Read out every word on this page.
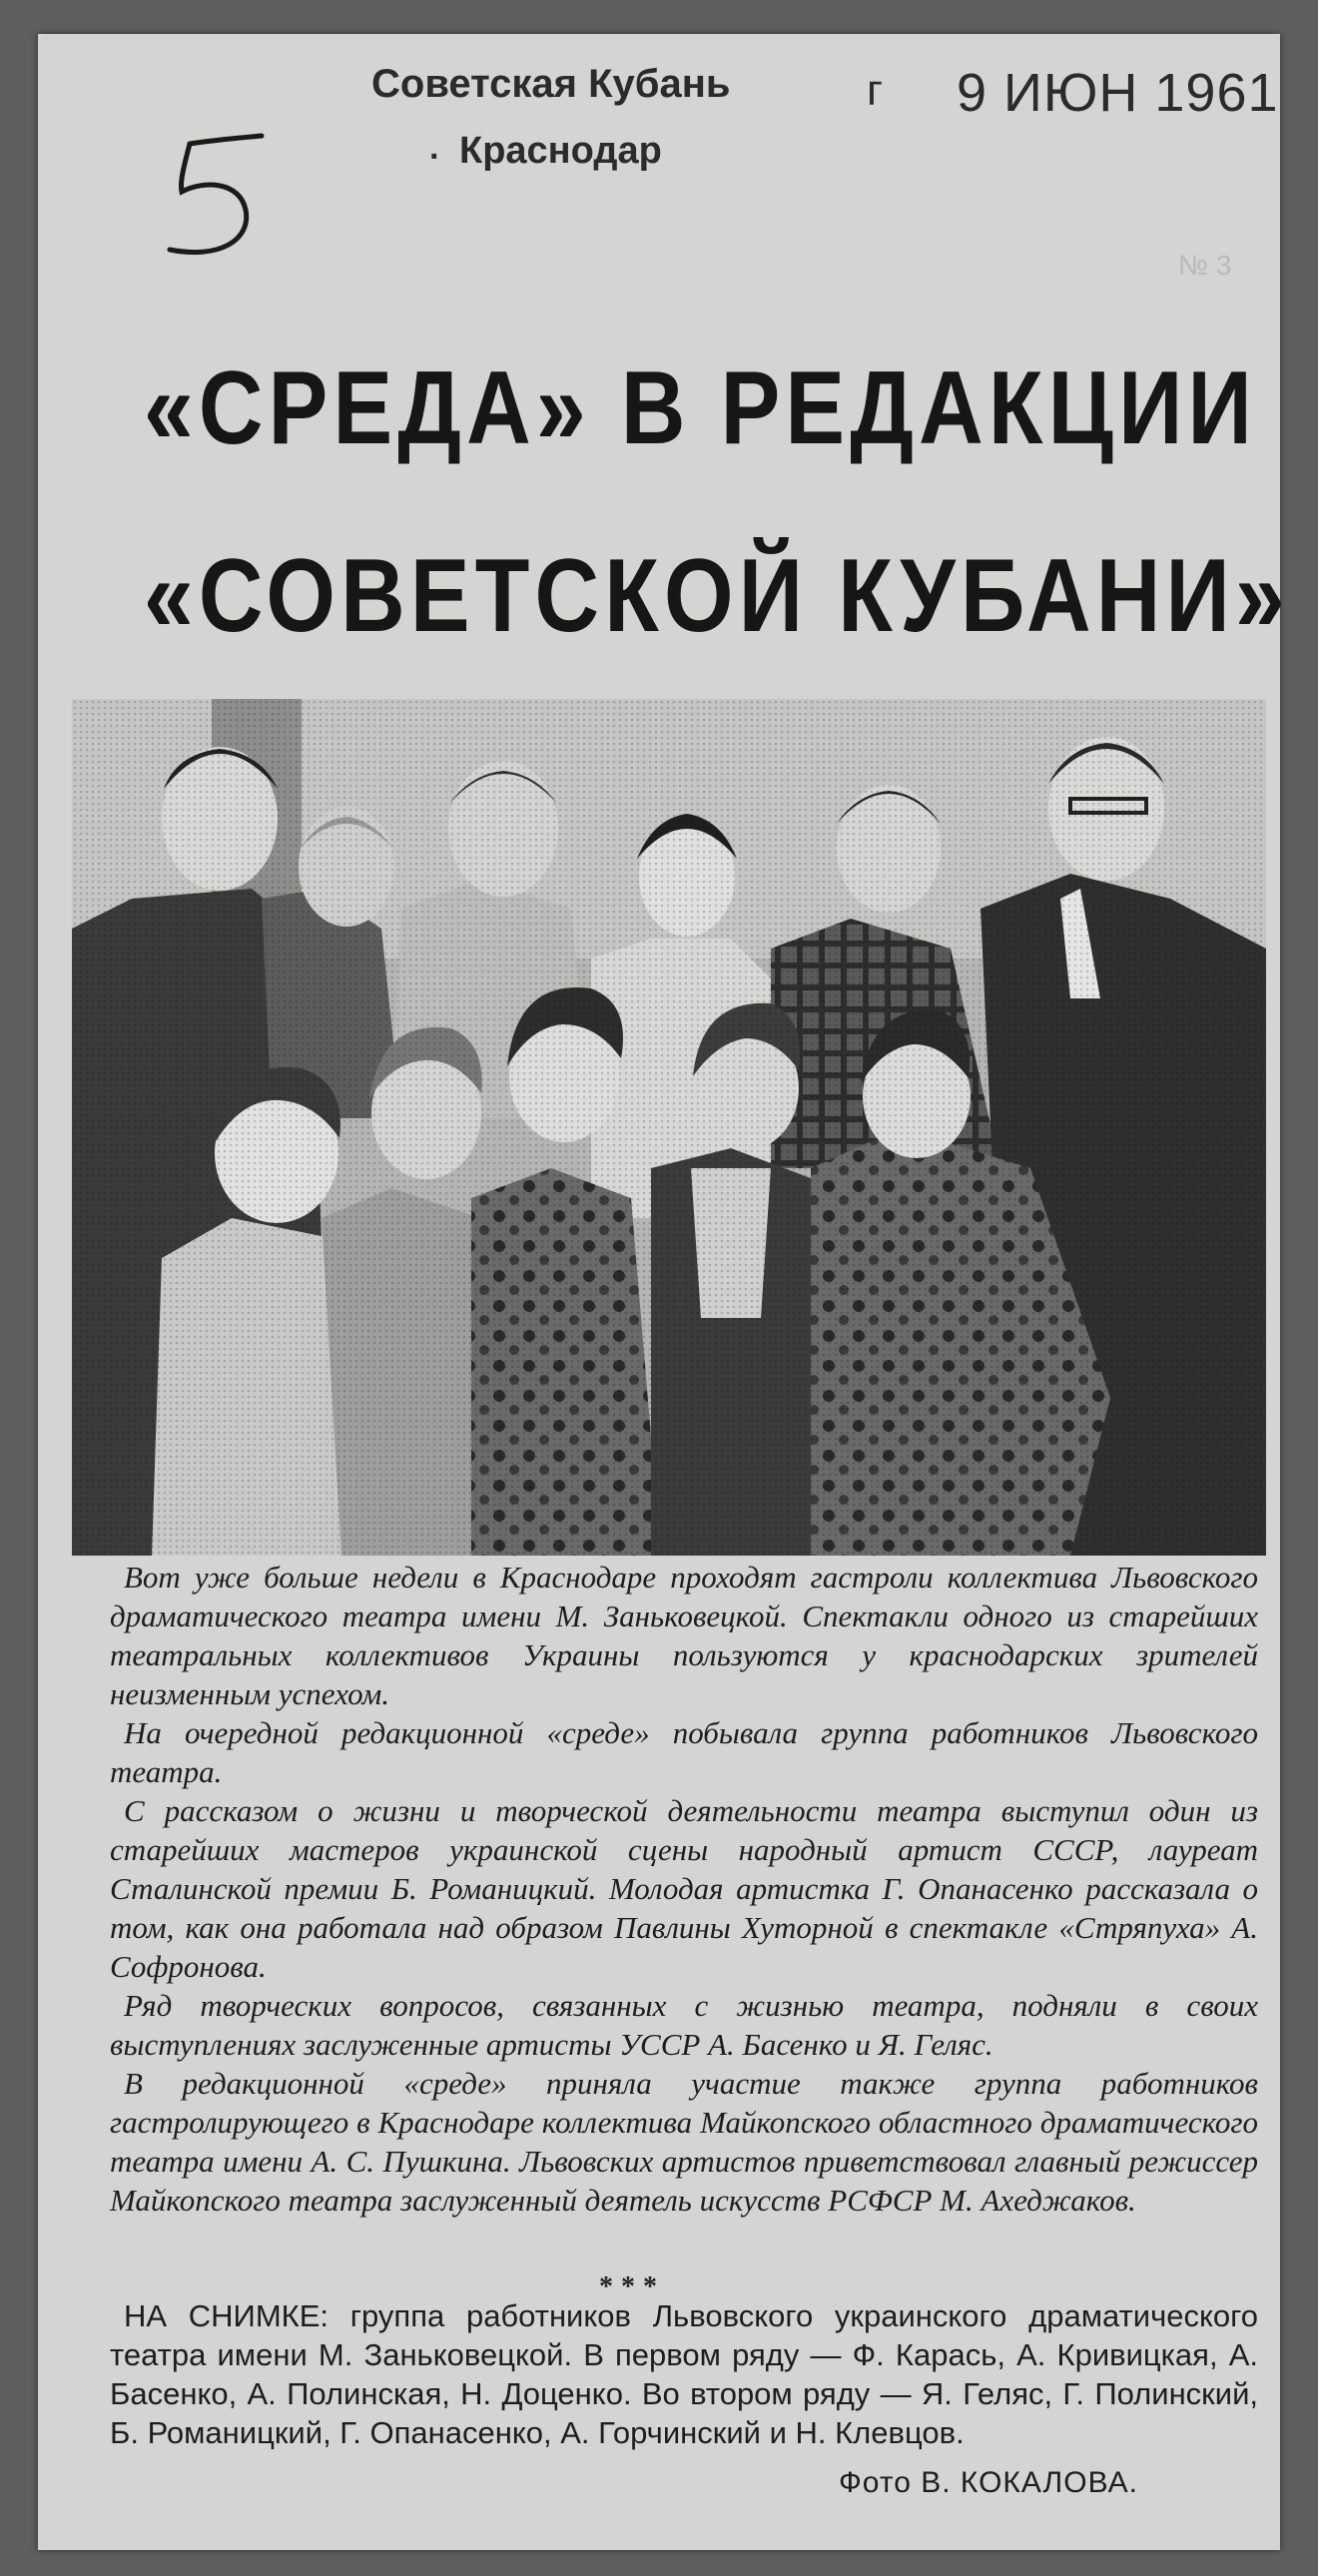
Советская Кубань
· Краснодар
г 9 ИЮН 1961
№ 3
«СРЕДА» В РЕДАКЦИИ
«СОВЕТСКОЙ КУБАНИ»

Вот уже больше недели в Краснодаре проходят гастроли коллектива Львовского драматического театра имени М. Заньковецкой. Спектакли одного из старейших театральных коллективов Украины пользуются у краснодарских зрителей неизменным успехом.

На очередной редакционной «среде» побывала группа работников Львовского театра.

С рассказом о жизни и творческой деятельности театра выступил один из старейших мастеров украинской сцены народный артист СССР, лауреат Сталинской премии Б. Романицкий. Молодая артистка Г. Опанасенко рассказала о том, как она работала над образом Павлины Хуторной в спектакле «Стряпуха» А. Софронова.

Ряд творческих вопросов, связанных с жизнью театра, подняли в своих выступлениях заслуженные артисты УССР А. Басенко и Я. Геляс.

В редакционной «среде» приняла участие также группа работников гастролирующего в Краснодаре коллектива Майкопского областного драматического театра имени А. С. Пушкина. Львовских артистов приветствовал главный режиссер Майкопского театра заслуженный деятель искусств РСФСР М. Ахеджаков.

***

НА СНИМКЕ: группа работников Львовского украинского драматического театра имени М. Заньковецкой. В первом ряду — Ф. Карась, А. Кривицкая, А. Басенко, А. Полинская, Н. Доценко. Во втором ряду — Я. Геляс, Г. Полинский, Б. Романицкий, Г. Опанасенко, А. Горчинский и Н. Клевцов.

Фото В. КОКАЛОВА.
